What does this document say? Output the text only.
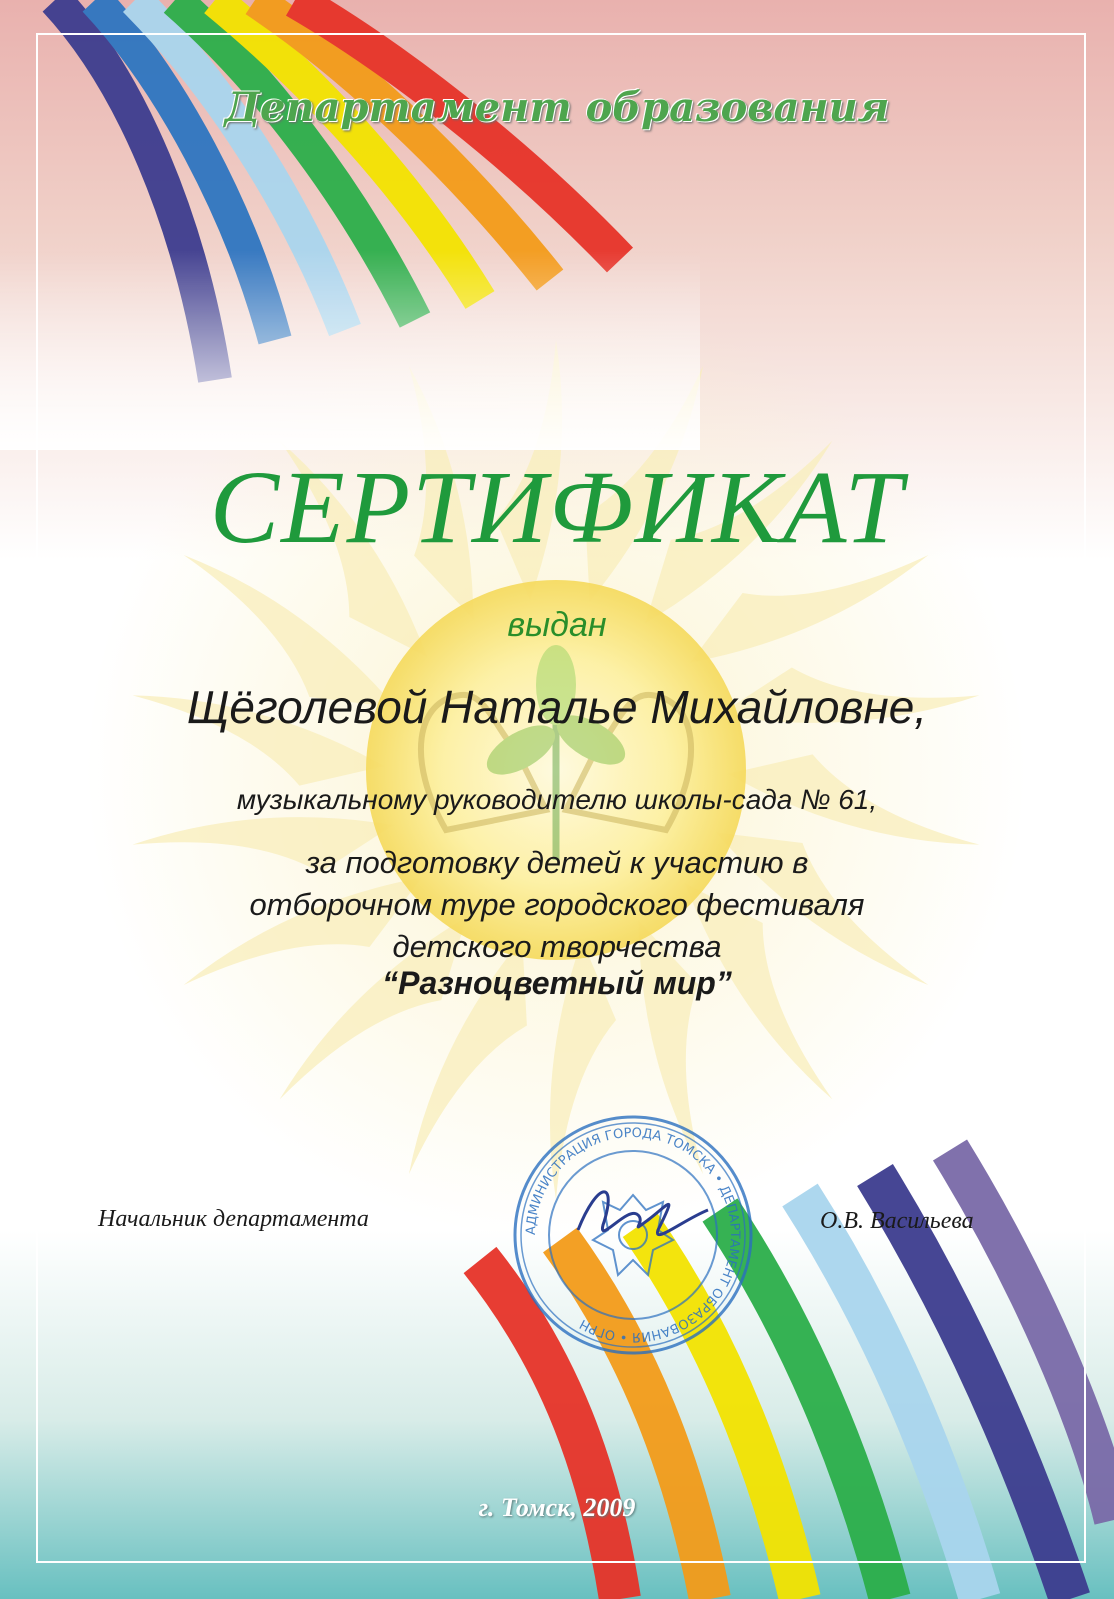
Департамент образования

СЕРТИФИКАТ

выдан

Щёголевой Наталье Михайловне,

музыкальному руководителю школы-сада № 61,

за подготовку детей к участию в
отборочном туре городского фестиваля
детского творчества

“Разноцветный мир”

Начальник департамента	О.В. Васильева

АДМИНИСТРАЦИЯ ГОРОДА ТОМСКА • ДЕПАРТАМЕНТ ОБРАЗОВАНИЯ • ОГРН

г. Томск, 2009
